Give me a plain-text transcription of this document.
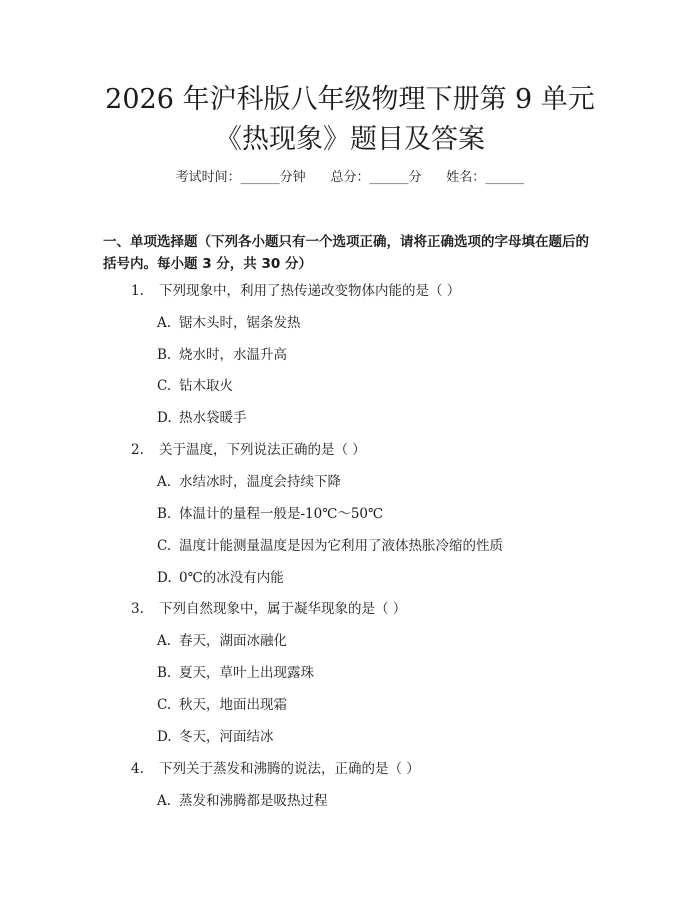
2026 年沪科版八年级物理下册第 9 单元《热现象》题目及答案
考试时间：______分钟 总分：______分 姓名：______

一、单项选择题（下列各小题只有一个选项正确，请将正确选项的字母填在题后的括号内。每小题 3 分，共 30 分）

1. 下列现象中，利用了热传递改变物体内能的是（ ）
A. 锯木头时，锯条发热
B. 烧水时，水温升高
C. 钻木取火
D. 热水袋暖手
2. 关于温度，下列说法正确的是（ ）
A. 水结冰时，温度会持续下降
B. 体温计的量程一般是-10℃～50℃
C. 温度计能测量温度是因为它利用了液体热胀冷缩的性质
D. 0℃的冰没有内能
3. 下列自然现象中，属于凝华现象的是（ ）
A. 春天，湖面冰融化
B. 夏天，草叶上出现露珠
C. 秋天，地面出现霜
D. 冬天，河面结冰
4. 下列关于蒸发和沸腾的说法，正确的是（ ）
A. 蒸发和沸腾都是吸热过程
